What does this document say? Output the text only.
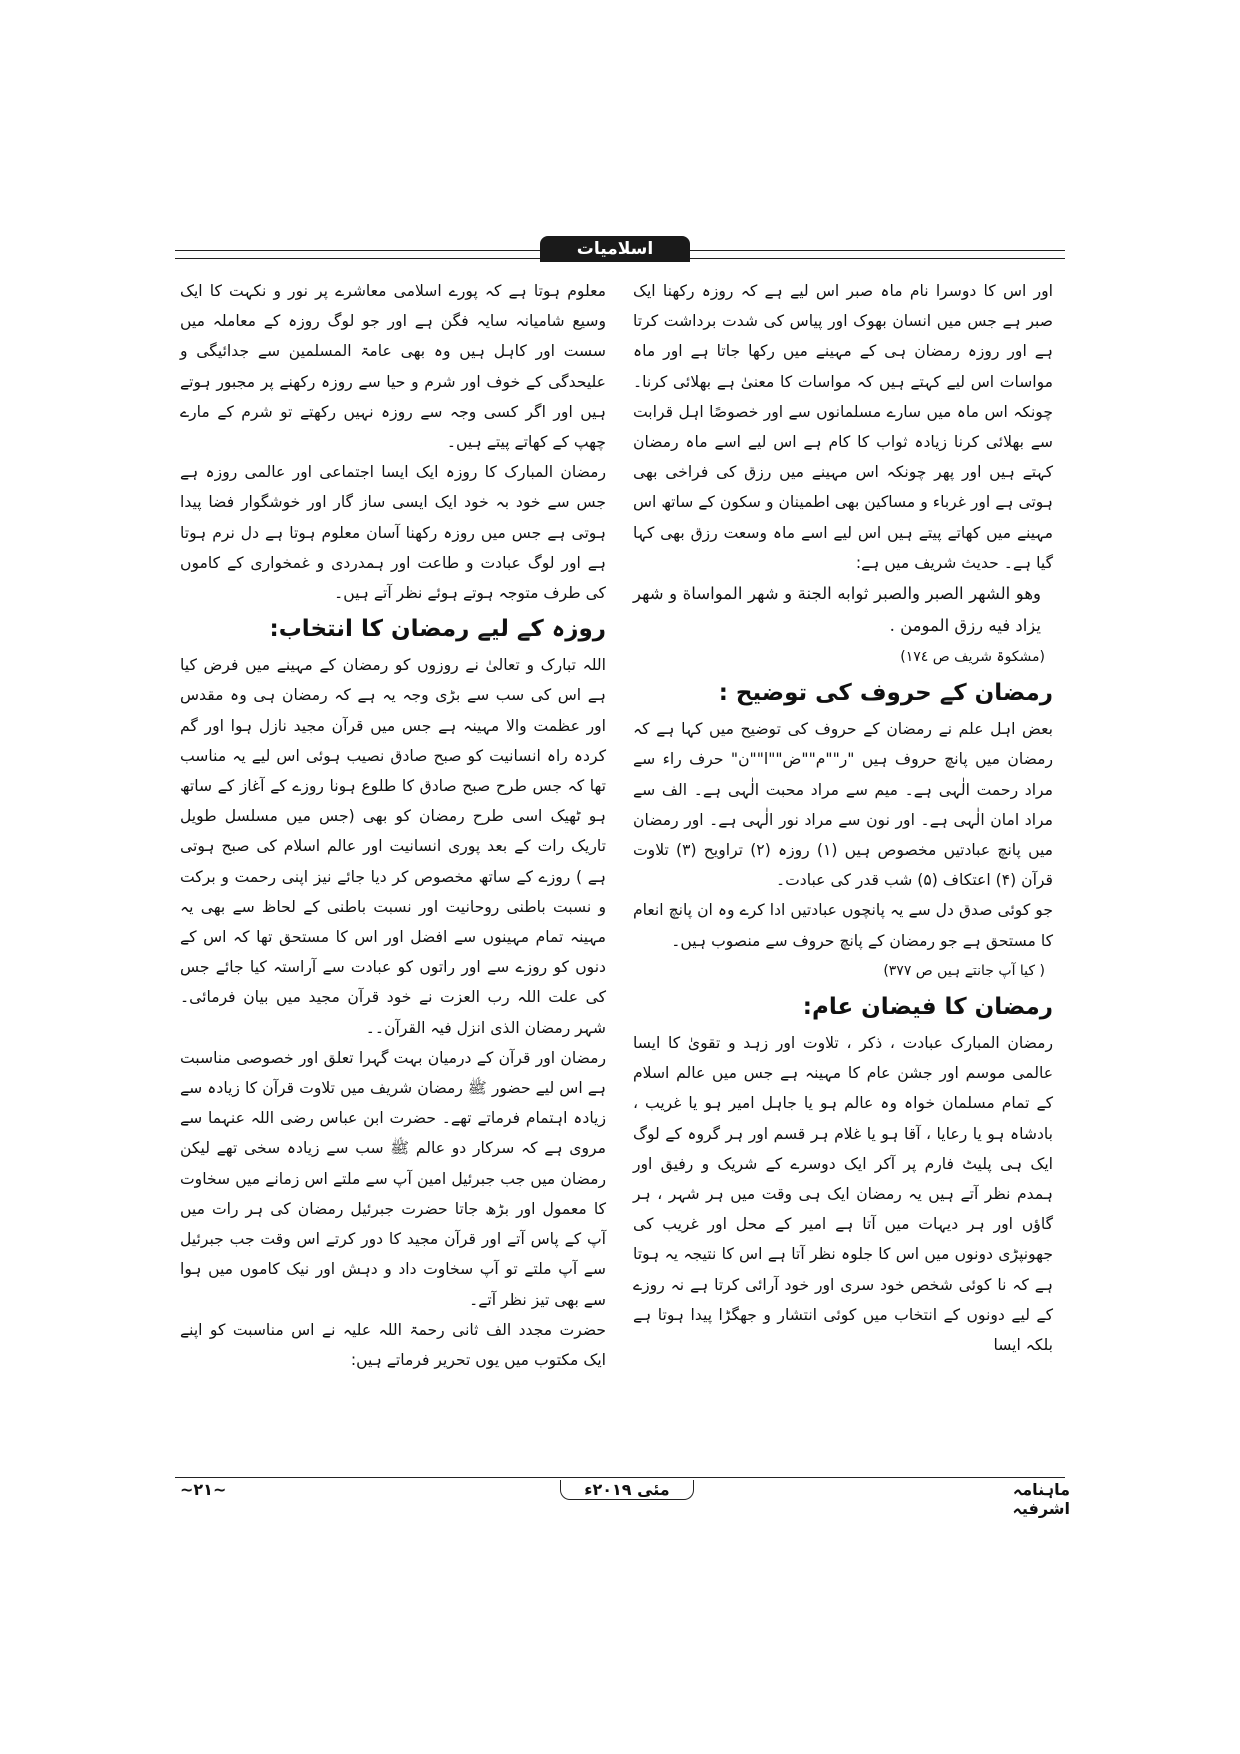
اسلامیات

اور اس کا دوسرا نام ماہ صبر اس لیے ہے کہ روزہ رکھنا ایک صبر ہے جس میں انسان بھوک اور پیاس کی شدت برداشت کرتا ہے اور روزہ رمضان ہی کے مہینے میں رکھا جاتا ہے اور ماہ مواسات اس لیے کہتے ہیں کہ مواسات کا معنیٰ ہے بھلائی کرنا۔ چونکہ اس ماہ میں سارے مسلمانوں سے اور خصوصًا اہل قرابت سے بھلائی کرنا زیادہ ثواب کا کام ہے اس لیے اسے ماہ رمضان کہتے ہیں اور پھر چونکہ اس مہینے میں رزق کی فراخی بھی ہوتی ہے اور غرباء و مساکین بھی اطمینان و سکون کے ساتھ اس مہینے میں کھاتے پیتے ہیں اس لیے اسے ماہ وسعت رزق بھی کہا گیا ہے۔ حدیث شریف میں ہے:

وهو الشهر الصبر والصبر ثوابه الجنة و شهر المواساة و شهر يزاد فيه رزق المومن .

(مشکوۃ شریف ص ١٧٤)

رمضان کے حروف کی توضیح :

بعض اہل علم نے رمضان کے حروف کی توضیح میں کہا ہے کہ رمضان میں پانچ حروف ہیں "ر""م""ض""ا""ن" حرف راء سے مراد رحمت الٰہی ہے۔ میم سے مراد محبت الٰہی ہے۔ الف سے مراد امان الٰہی ہے۔ اور نون سے مراد نور الٰہی ہے۔ اور رمضان میں پانچ عبادتیں مخصوص ہیں (۱) روزہ (۲) تراویح (۳) تلاوت قرآن (۴) اعتکاف (۵) شب قدر کی عبادت۔

جو کوئی صدق دل سے یہ پانچوں عبادتیں ادا کرے وہ ان پانچ انعام کا مستحق ہے جو رمضان کے پانچ حروف سے منصوب ہیں۔

( کیا آپ جانتے ہیں ص ۳۷۷)

رمضان کا فیضان عام:

رمضان المبارک عبادت ، ذکر ، تلاوت اور زہد و تقویٰ کا ایسا عالمی موسم اور جشن عام کا مہینہ ہے جس میں عالم اسلام کے تمام مسلمان خواہ وہ عالم ہو یا جاہل امیر ہو یا غریب ، بادشاہ ہو یا رعایا ، آقا ہو یا غلام ہر قسم اور ہر گروہ کے لوگ ایک ہی پلیٹ فارم پر آکر ایک دوسرے کے شریک و رفیق اور ہمدم نظر آتے ہیں یہ رمضان ایک ہی وقت میں ہر شہر ، ہر گاؤں اور ہر دیہات میں آتا ہے امیر کے محل اور غریب کی جھونپڑی دونوں میں اس کا جلوہ نظر آتا ہے اس کا نتیجہ یہ ہوتا ہے کہ نا کوئی شخص خود سری اور خود آرائی کرتا ہے نہ روزے کے لیے دونوں کے انتخاب میں کوئی انتشار و جھگڑا پیدا ہوتا ہے بلکہ ایسا

معلوم ہوتا ہے کہ پورے اسلامی معاشرے پر نور و نکہت کا ایک وسیع شامیانہ سایہ فگن ہے اور جو لوگ روزہ کے معاملہ میں سست اور کاہل ہیں وہ بھی عامۃ المسلمین سے جدائیگی و علیحدگی کے خوف اور شرم و حیا سے روزہ رکھنے پر مجبور ہوتے ہیں اور اگر کسی وجہ سے روزہ نہیں رکھتے تو شرم کے مارے چھپ کے کھاتے پیتے ہیں۔

رمضان المبارک کا روزہ ایک ایسا اجتماعی اور عالمی روزہ ہے جس سے خود بہ خود ایک ایسی ساز گار اور خوشگوار فضا پیدا ہوتی ہے جس میں روزہ رکھنا آسان معلوم ہوتا ہے دل نرم ہوتا ہے اور لوگ عبادت و طاعت اور ہمدردی و غمخواری کے کاموں کی طرف متوجہ ہوتے ہوئے نظر آتے ہیں۔

روزہ کے لیے رمضان کا انتخاب:

اللہ تبارک و تعالیٰ نے روزوں کو رمضان کے مہینے میں فرض کیا ہے اس کی سب سے بڑی وجہ یہ ہے کہ رمضان ہی وہ مقدس اور عظمت والا مہینہ ہے جس میں قرآن مجید نازل ہوا اور گم کردہ راہ انسانیت کو صبح صادق نصیب ہوئی اس لیے یہ مناسب تھا کہ جس طرح صبح صادق کا طلوع ہونا روزے کے آغاز کے ساتھ ہو ٹھیک اسی طرح رمضان کو بھی (جس میں مسلسل طویل تاریک رات کے بعد پوری انسانیت اور عالم اسلام کی صبح ہوتی ہے ) روزے کے ساتھ مخصوص کر دیا جائے نیز اپنی رحمت و برکت و نسبت باطنی روحانیت اور نسبت باطنی کے لحاظ سے بھی یہ مہینہ تمام مہینوں سے افضل اور اس کا مستحق تھا کہ اس کے دنوں کو روزے سے اور راتوں کو عبادت سے آراستہ کیا جائے جس کی علت اللہ رب العزت نے خود قرآن مجید میں بیان فرمائی۔ شہر رمضان الذی انزل فیہ القرآن۔۔

رمضان اور قرآن کے درمیان بہت گہرا تعلق اور خصوصی مناسبت ہے اس لیے حضور ﷺ رمضان شریف میں تلاوت قرآن کا زیادہ سے زیادہ اہتمام فرماتے تھے۔ حضرت ابن عباس رضی اللہ عنہما سے مروی ہے کہ سرکار دو عالم ﷺ سب سے زیادہ سخی تھے لیکن رمضان میں جب جبرئیل امین آپ سے ملتے اس زمانے میں سخاوت کا معمول اور بڑھ جاتا حضرت جبرئیل رمضان کی ہر رات میں آپ کے پاس آتے اور قرآن مجید کا دور کرتے اس وقت جب جبرئیل سے آپ ملتے تو آپ سخاوت داد و دہش اور نیک کاموں میں ہوا سے بھی تیز نظر آتے۔

حضرت مجدد الف ثانی رحمۃ اللہ علیہ نے اس مناسبت کو اپنے ایک مکتوب میں یوں تحریر فرماتے ہیں:

ماہنامہ اشرفیہ
مئی ۲۰۱۹ء
~۲۱~
